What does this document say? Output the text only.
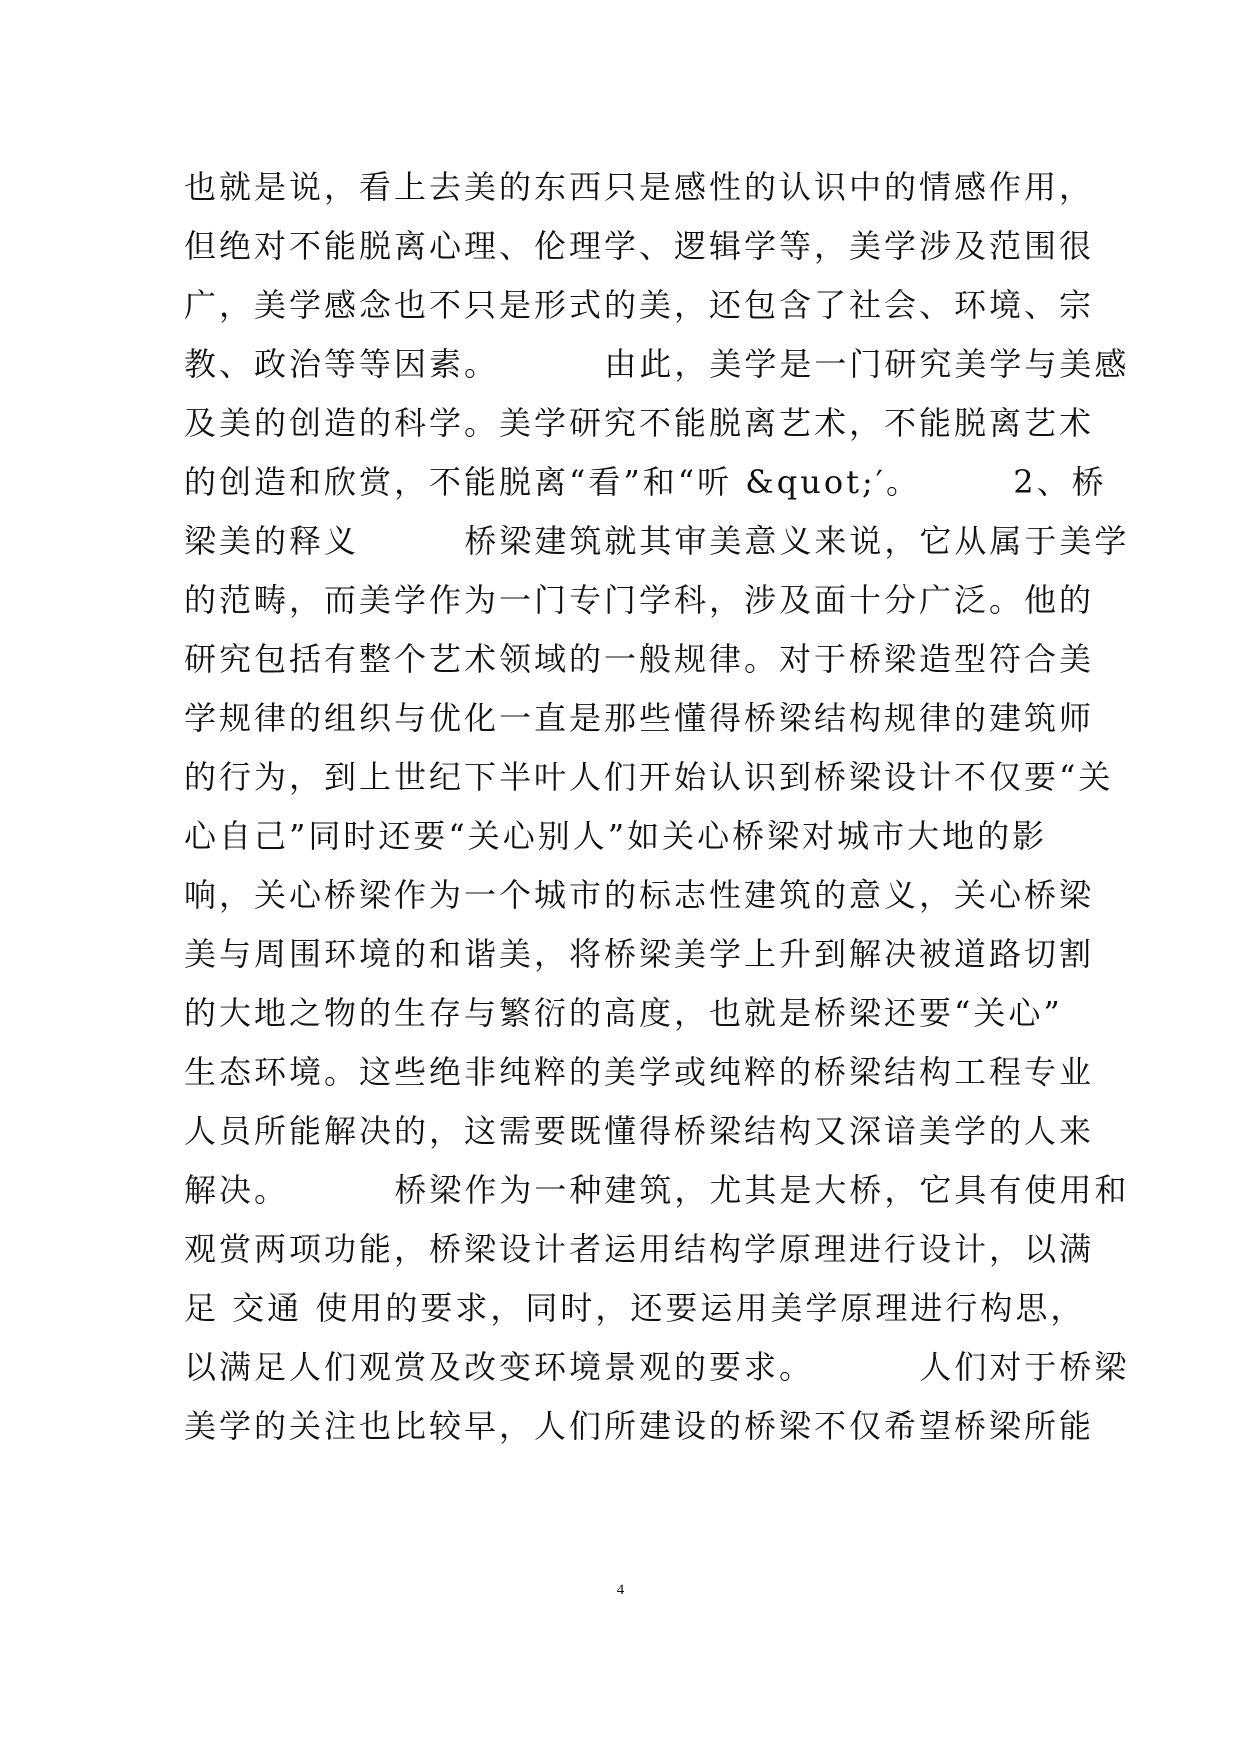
也就是说，看上去美的东西只是感性的认识中的情感作用，
但绝对不能脱离心理、伦理学、逻辑学等，美学涉及范围很
广，美学感念也不只是形式的美，还包含了社会、环境、宗
教、政治等等因素。        由此，美学是一门研究美学与美感
及美的创造的科学。美学研究不能脱离艺术，不能脱离艺术
的创造和欣赏，不能脱离“看”和“听 &quot;′。       2、桥
梁美的释义        桥梁建筑就其审美意义来说，它从属于美学
的范畴，而美学作为一门专门学科，涉及面十分广泛。他的
研究包括有整个艺术领域的一般规律。对于桥梁造型符合美
学规律的组织与优化一直是那些懂得桥梁结构规律的建筑师
的行为，到上世纪下半叶人们开始认识到桥梁设计不仅要“关
心自己”同时还要“关心别人”如关心桥梁对城市大地的影
响，关心桥梁作为一个城市的标志性建筑的意义，关心桥梁
美与周围环境的和谐美，将桥梁美学上升到解决被道路切割
的大地之物的生存与繁衍的高度，也就是桥梁还要“关心”
生态环境。这些绝非纯粹的美学或纯粹的桥梁结构工程专业
人员所能解决的，这需要既懂得桥梁结构又深谙美学的人来
解决。        桥梁作为一种建筑，尤其是大桥，它具有使用和
观赏两项功能，桥梁设计者运用结构学原理进行设计，以满
足 交通 使用的要求，同时，还要运用美学原理进行构思，
以满足人们观赏及改变环境景观的要求。        人们对于桥梁
美学的关注也比较早，人们所建设的桥梁不仅希望桥梁所能
4
